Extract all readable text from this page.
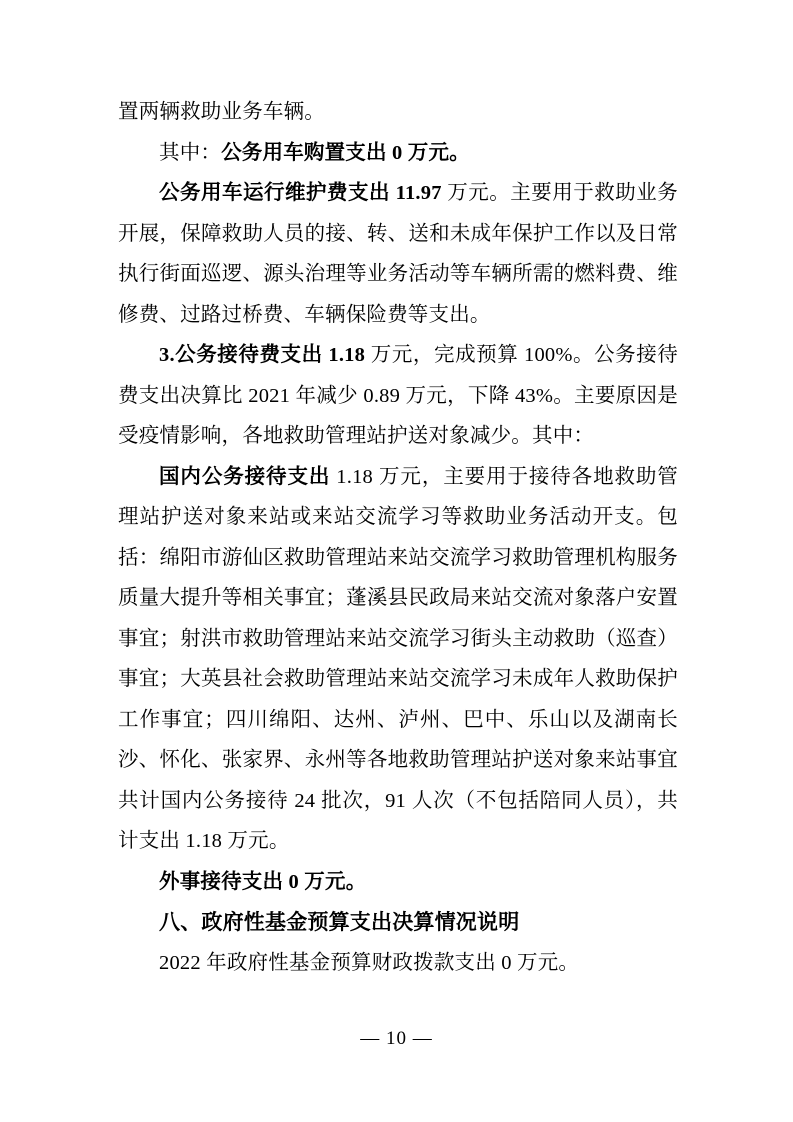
置两辆救助业务车辆。

其中：公务用车购置支出 0 万元。

公务用车运行维护费支出 11.97 万元。主要用于救助业务开展，保障救助人员的接、转、送和未成年保护工作以及日常执行街面巡逻、源头治理等业务活动等车辆所需的燃料费、维修费、过路过桥费、车辆保险费等支出。

3.公务接待费支出 1.18 万元，完成预算 100%。公务接待费支出决算比 2021 年减少 0.89 万元，下降 43%。主要原因是受疫情影响，各地救助管理站护送对象减少。其中：

国内公务接待支出 1.18 万元，主要用于接待各地救助管理站护送对象来站或来站交流学习等救助业务活动开支。包括：绵阳市游仙区救助管理站来站交流学习救助管理机构服务质量大提升等相关事宜；蓬溪县民政局来站交流对象落户安置事宜；射洪市救助管理站来站交流学习街头主动救助（巡查）事宜；大英县社会救助管理站来站交流学习未成年人救助保护工作事宜；四川绵阳、达州、泸州、巴中、乐山以及湖南长沙、怀化、张家界、永州等各地救助管理站护送对象来站事宜共计国内公务接待 24 批次，91 人次（不包括陪同人员），共计支出 1.18 万元。

外事接待支出 0 万元。

八、政府性基金预算支出决算情况说明

2022 年政府性基金预算财政拨款支出 0 万元。

— 10 —
